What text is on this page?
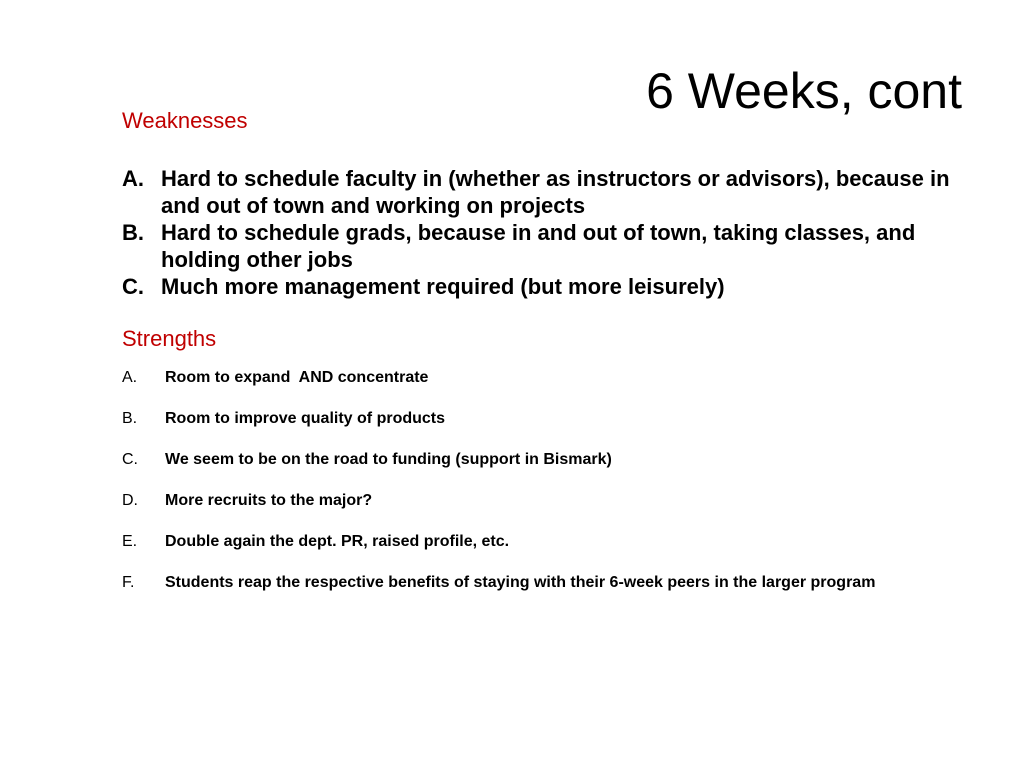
6 Weeks, cont
Weaknesses
A. Hard to schedule faculty in (whether as instructors or advisors), because in and out of town and working on projects
B. Hard to schedule grads, because in and out of town, taking classes, and holding other jobs
C. Much more management required (but more leisurely)
Strengths
A.	Room to expand  AND concentrate
B.	Room to improve quality of products
C.	We seem to be on the road to funding (support in Bismark)
D.	More recruits to the major?
E.	Double again the dept. PR, raised profile, etc.
F.	Students reap the respective benefits of staying with their 6-week peers in the larger program
